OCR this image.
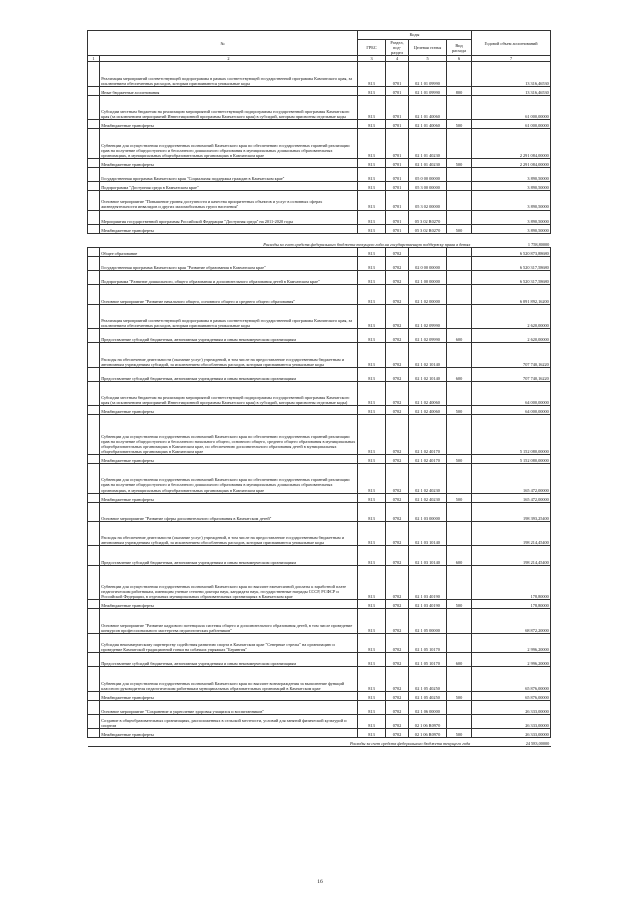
№		Коды				Годовой объем ассигнований
		ГРБС	Раздел, под-раздел	Целевая статья	Вид расхода	
1	2	3	4	5	6	7
	Реализация мероприятий соответствующей подпрограммы в рамках соответствующей государственной программы Камчатского края, за исключением обеспеченных расходов, которым присваиваются уникальные коды	813	0701	02 1 01 09990		13 316,46530
	Иные бюджетные ассигнования	813	0701	02 1 01 09990	800	13 316,46530
	Субсидии местным бюджетам на реализацию мероприятий соответствующей подпрограммы государственной программы Камчатского края (за исключением мероприятий Инвестиционной программы Камчатского края) в субсидий, которым присвоены отдельные коды	813	0701	02 1 01 40060		61 000,00000
	Межбюджетные трансферты	813	0701	02 1 01 40060	500	61 000,00000
	Субвенции для осуществления государственных полномочий Камчатского края по обеспечению государственных гарантий реализации прав на получение общедоступного и бесплатного дошкольного образования в муниципальных дошкольных образовательных организациях, в муниципальных общеобразовательных организациях в Камчатском крае	813	0701	02 1 01 40230		2 291 084,00000
	Межбюджетные трансферты	813	0701	02 1 01 40230	500	2 291 084,00000
	Государственная программа Камчатского края "Социальная поддержка граждан в Камчатском крае"	813	0701	05 0 00 00000		3 890,50000
	Подпрограмма "Доступная среда в Камчатском крае"	813	0701	05 3 00 00000		3 890,50000
	Основное мероприятие "Повышение уровня доступности и качества приоритетных объектов и услуг в основных сферах жизнедеятельности инвалидов и других маломобильных групп населения"	813	0701	05 3 02 00000		3 890,50000
	Мероприятия государственной программы Российской Федерации "Доступная среда" на 2011-2020 годы	813	0701	05 3 02 R0270		3 890,50000
	Межбюджетные трансферты	813	0701	05 3 02 R0270	500	3 890,50000
Расходы за счет средств федерального бюджета текущего года на государственную поддержку права в детях						1 758,80000
	Общее образование	813	0702			6 520 873,88680
	Государственная программа Камчатского края "Развитие образования в Камчатском крае"	813	0702	02 0 00 00000		6 520 317,58680
	Подпрограмма "Развитие дошкольного, общего образования и дополнительного образования детей в Камчатском крае"	813	0702	02 1 00 00000		6 520 317,58680
	Основное мероприятие "Развитие начального общего, основного общего и среднего общего образования"	813	0702	02 1 02 00000		6 091 892,16200
	Реализация мероприятий соответствующей подпрограммы в рамках соответствующей государственной программы Камчатского края, за исключением обеспеченных расходов, которым присваиваются уникальные коды	813	0702	02 1 02 09990		2 620,00000
	Предоставление субсидий бюджетным, автономным учреждениям и иным некоммерческим организациям	813	0702	02 1 02 09990	600	2 620,00000
	Расходы на обеспечение деятельности (оказание услуг) учреждений, в том числе на предоставление государственным бюджетным и автономным учреждениям субсидий, за исключением обособленных расходов, которым присваиваются уникальные коды	813	0702	02 1 02 10140		707 740,16220
	Предоставление субсидий бюджетным, автономным учреждениям и иным некоммерческим организациям	813	0702	02 1 02 10140	600	707 740,16220
	Субсидии местным бюджетам на реализацию мероприятий соответствующей подпрограммы государственной программы Камчатского края (за исключением мероприятий Инвестиционной программы Камчатского края) в субсидий, которым присвоены отдельные коды)	813	0702	02 1 02 40060		64 000,00000
	Межбюджетные трансферты	813	0702	02 1 02 40060	500	64 000,00000
	Субвенции для осуществления государственных полномочий Камчатского края по обеспечению государственных гарантий реализации прав на получение общедоступного и бесплатного начального общего, основного общего, среднего общего образования в муниципальных общеобразовательных организациях в Камчатском крае, по обеспечению дополнительного образования детей в муниципальных общеобразовательных организациях в Камчатском крае	813	0702	02 1 02 40170		5 152 080,00000
	Межбюджетные трансферты	813	0702	02 1 02 40170	500	5 152 080,00000
	Субвенции для осуществления государственных полномочий Камчатского края по обеспечению государственных гарантий реализации прав на получение общедоступного и бесплатного дошкольного образования в муниципальных дошкольных образовательных организациях, в муниципальных общеобразовательных организациях в Камчатском крае	813	0702	02 1 02 40230		165 472,00000
	Межбюджетные трансферты	813	0702	02 1 02 40230	500	165 472,00000
	Основное мероприятие "Развитие сферы дополнительного образования в Камчатском детей"	813	0702	02 1 03 00000		198 393,25400
	Расходы на обеспечение деятельности (оказание услуг) учреждений, в том числе на предоставление государственным бюджетным и автономным учреждениям субсидий, за исключением обособленных расходов, которым присваиваются уникальные коды	813	0702	02 1 03 10140		198 214,45400
	Предоставление субсидий бюджетным, автономным учреждениям и иным некоммерческим организациям	813	0702	02 1 03 10140	600	198 214,45400
	Субвенции для осуществления государственных полномочий Камчатского края по выплате ежемесячной доплаты к заработной плате педагогическим работникам, имеющим ученые степени доктора наук, кандидата наук, государственные награды СССР, РСФСР и Российской Федерации, в отдельных муниципальных образовательных организациях в Камчатском крае	813	0702	02 1 03 40190		178,80000
	Межбюджетные трансферты	813	0702	02 1 03 40190	500	178,80000
	Основное мероприятие "Развитие кадрового потенциала системы общего и дополнительного образования детей, в том числе проведение конкурсов профессионального мастерства педагогических работников"	813	0702	02 1 05 00000		68 872,20000
	Субсидия некоммерческому партнерству содействия развитию спорта в Камчатском крае "Северные стрелы" на организацию и проведение Камчатской традиционной гонки на собачьих упряжках "Берингия"	813	0702	02 1 05 10170		2 996,20000
	Предоставление субсидий бюджетным, автономным учреждениям и иным некоммерческим организациям	813	0702	02 1 05 10170	600	2 996,20000
	Субвенции для осуществления государственных полномочий Камчатского края по выплате вознаграждения за выполнение функций классного руководителя педагогическим работникам муниципальных образовательных организаций в Камчатском крае	813	0702	02 1 05 40250		65 876,00000
	Межбюджетные трансферты	813	0702	02 1 05 40250	500	65 876,00000
	Основное мероприятие "Сохранение и укрепление здоровья учащихся и воспитанников"	813	0702	02 1 06 00000		26 333,00000
	Создание в общеобразовательных организациях, расположенных в сельской местности, условий для занятий физической культурой и спортом	813	0702	02 1 06 R0970		26 333,00000
	Межбюджетные трансферты	813	0702	02 1 06 R0970	500	26 333,00000
Расходы за счет средств федерального бюджета текущего года						24 583,00000
16
